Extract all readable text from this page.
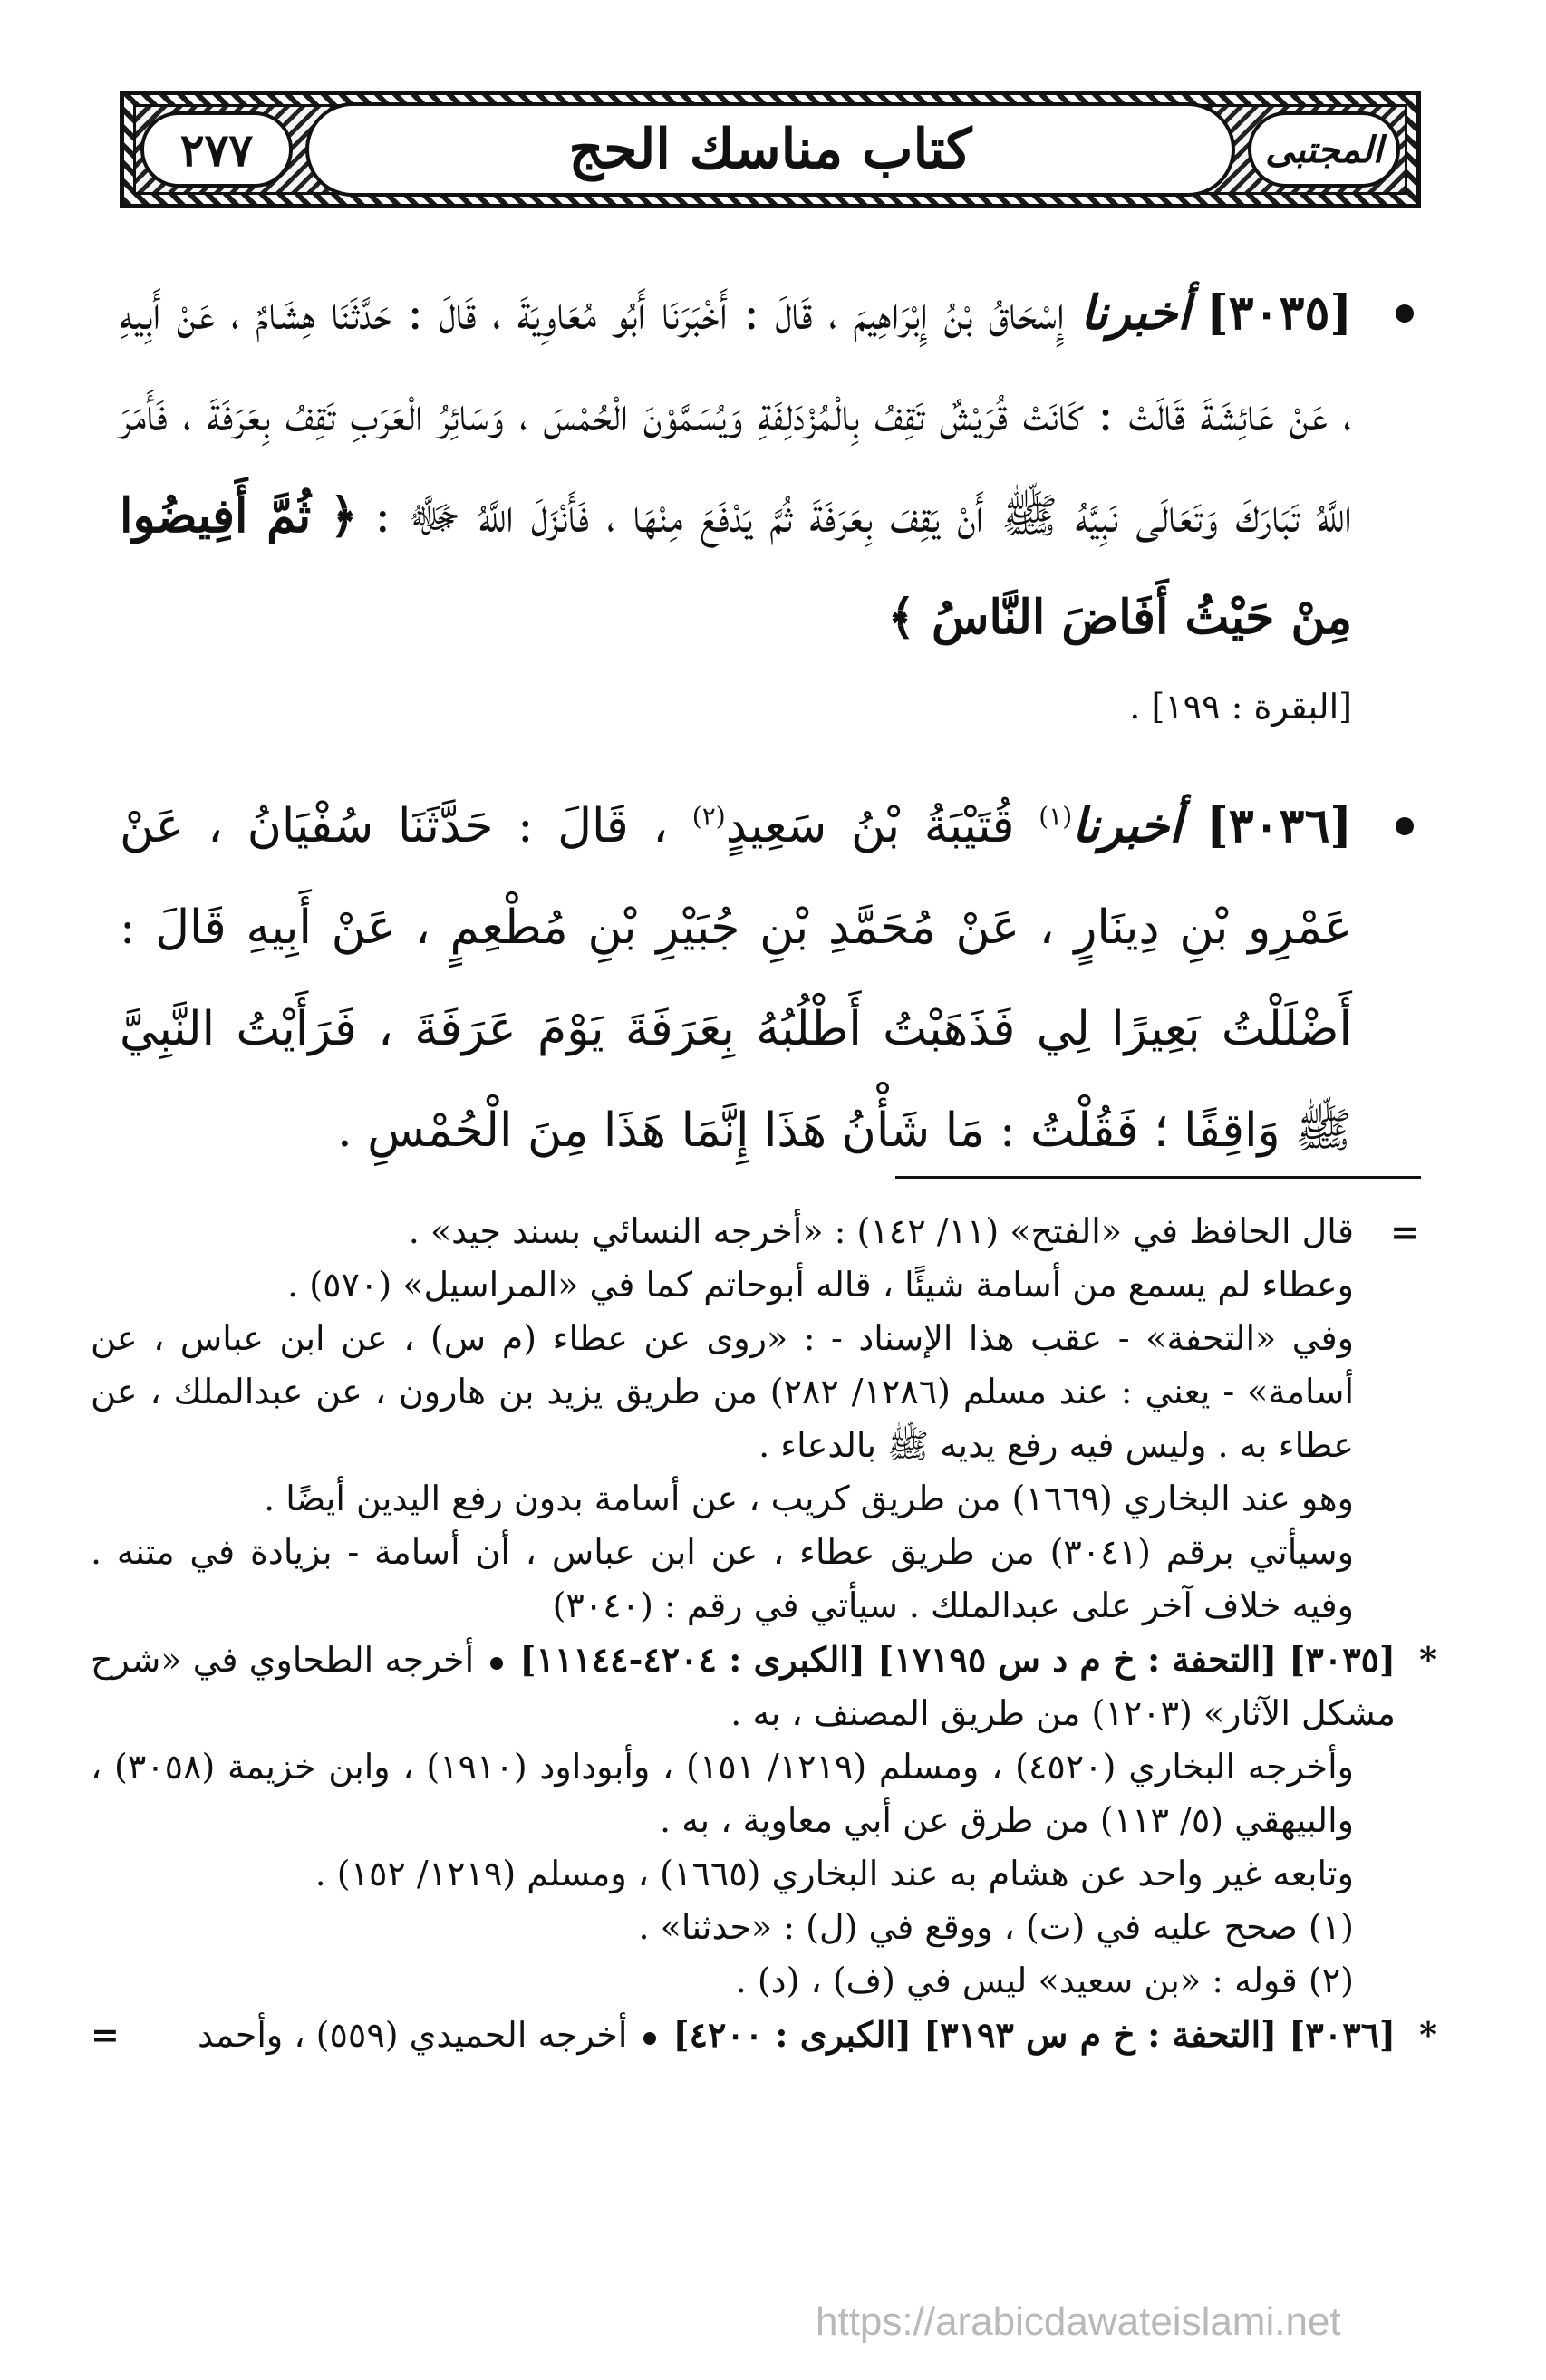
المجتبى
كتاب مناسك الحج
٢٧٧

[٣٠٣٥] أخبرنا إِسْحَاقُ بْنُ إِبْرَاهِيمَ ، قَالَ : أَخْبَرَنَا أَبُو مُعَاوِيَةَ ، قَالَ : حَدَّثَنَا هِشَامٌ ، عَنْ أَبِيهِ ، عَنْ عَائِشَةَ قَالَتْ : كَانَتْ قُرَيْشٌ تَقِفُ بِالْمُزْدَلِفَةِ وَيُسَمَّوْنَ الْحُمْسَ ، وَسَائِرُ الْعَرَبِ تَقِفُ بِعَرَفَةَ ، فَأَمَرَ اللَّهُ تَبَارَكَ وَتَعَالَى نَبِيَّهُ ﷺ أَنْ يَقِفَ بِعَرَفَةَ ثُمَّ يَدْفَعَ مِنْهَا ، فَأَنْزَلَ اللَّهُ ﷻ : ﴿ ثُمَّ أَفِيضُوا مِنْ حَيْثُ أَفَاضَ النَّاسُ ﴾
[البقرة : ١٩٩] .

[٣٠٣٦] أخبرنا$^{(١)}$ قُتَيْبَةُ بْنُ سَعِيدٍ$^{(٢)}$ ، قَالَ : حَدَّثَنَا سُفْيَانُ ، عَنْ عَمْرِو بْنِ دِينَارٍ ، عَنْ مُحَمَّدِ بْنِ جُبَيْرِ بْنِ مُطْعِمٍ ، عَنْ أَبِيهِ قَالَ : أَضْلَلْتُ بَعِيرًا لِي فَذَهَبْتُ أَطْلُبُهُ بِعَرَفَةَ يَوْمَ عَرَفَةَ ، فَرَأَيْتُ النَّبِيَّ ﷺ وَاقِفًا ؛ فَقُلْتُ : مَا شَأْنُ هَذَا إِنَّمَا هَذَا مِنَ الْحُمْسِ .

=
قال الحافظ في «الفتح» (١١/ ١٤٢) : «أخرجه النسائي بسند جيد» .

وعطاء لم يسمع من أسامة شيئًا ، قاله أبوحاتم كما في «المراسيل» (٥٧٠) .

وفي «التحفة» - عقب هذا الإسناد - : «روى عن عطاء (م س) ، عن ابن عباس ، عن أسامة» - يعني : عند مسلم (١٢٨٦/ ٢٨٢) من طريق يزيد بن هارون ، عن عبدالملك ، عن عطاء به . وليس فيه رفع يديه ﷺ بالدعاء .

وهو عند البخاري (١٦٦٩) من طريق كريب ، عن أسامة بدون رفع اليدين أيضًا .

وسيأتي برقم (٣٠٤١) من طريق عطاء ، عن ابن عباس ، أن أسامة - بزيادة في متنه . وفيه خلاف آخر على عبدالملك . سيأتي في رقم : (٣٠٤٠)

*
[٣٠٣٥] [التحفة : خ م د س ١٧١٩٥] [الكبرى : ٤٢٠٤-١١١٤٤]  أخرجه الطحاوي في «شرح مشكل الآثار» (١٢٠٣) من طريق المصنف ، به .

وأخرجه البخاري (٤٥٢٠) ، ومسلم (١٢١٩/ ١٥١) ، وأبوداود (١٩١٠) ، وابن خزيمة (٣٠٥٨) ، والبيهقي (٥/ ١١٣) من طرق عن أبي معاوية ، به .

وتابعه غير واحد عن هشام به عند البخاري (١٦٦٥) ، ومسلم (١٢١٩/ ١٥٢) .

(١) صحح عليه في (ت) ، ووقع في (ل) : «حدثنا» .

(٢) قوله : «بن سعيد» ليس في (ف) ، (د) .

*
[٣٠٣٦] [التحفة : خ م س ٣١٩٣] [الكبرى : ٤٢٠٠]  أخرجه الحميدي (٥٥٩) ، وأحمد
=

https://arabicdawateislami.net
